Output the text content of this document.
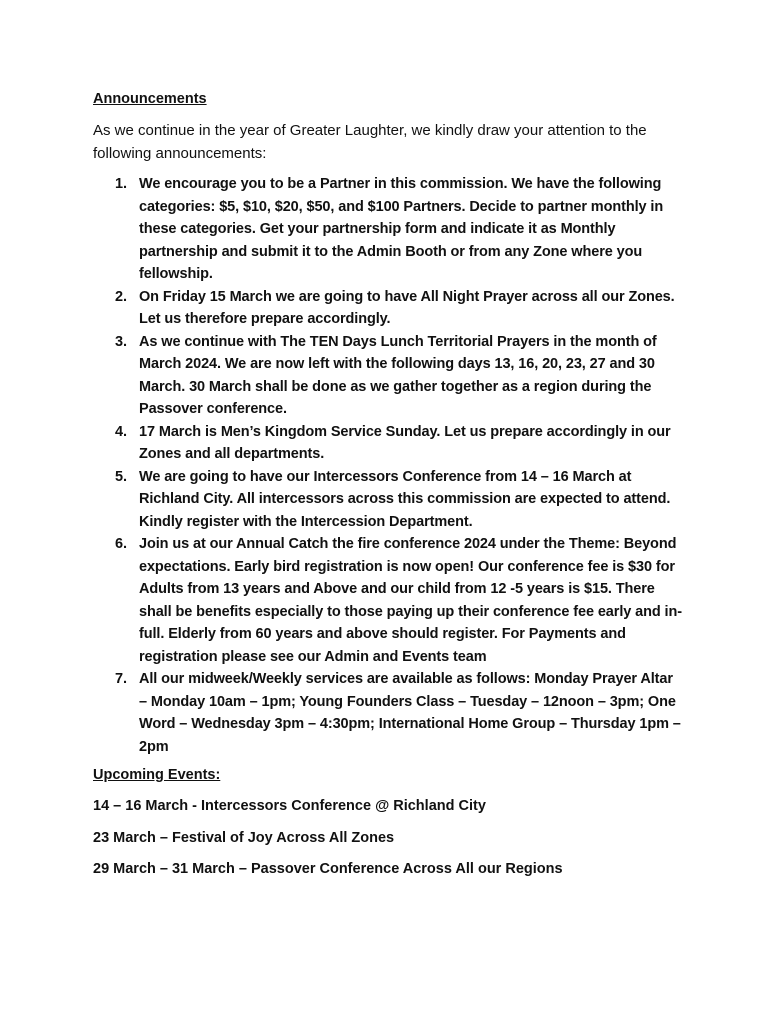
Announcements
As we continue in the year of Greater Laughter, we kindly draw your attention to the following announcements:
1. We encourage you to be a Partner in this commission. We have the following categories: $5, $10, $20, $50, and $100 Partners. Decide to partner monthly in these categories. Get your partnership form and indicate it as Monthly partnership and submit it to the Admin Booth or from any Zone where you fellowship.
2. On Friday 15 March we are going to have All Night Prayer across all our Zones. Let us therefore prepare accordingly.
3. As we continue with The TEN Days Lunch Territorial Prayers in the month of March 2024. We are now left with the following days 13, 16, 20, 23, 27 and 30 March. 30 March shall be done as we gather together as a region during the Passover conference.
4. 17 March is Men’s Kingdom Service Sunday. Let us prepare accordingly in our Zones and all departments.
5. We are going to have our Intercessors Conference from 14 – 16 March at Richland City. All intercessors across this commission are expected to attend. Kindly register with the Intercession Department.
6. Join us at our Annual Catch the fire conference 2024 under the Theme: Beyond expectations. Early bird registration is now open! Our conference fee is $30 for Adults from 13 years and Above and our child from 12 -5 years is $15. There shall be benefits especially to those paying up their conference fee early and in-full. Elderly from 60 years and above should register. For Payments and registration please see our Admin and Events team
7. All our midweek/Weekly services are available as follows: Monday Prayer Altar – Monday 10am – 1pm; Young Founders Class – Tuesday – 12noon – 3pm; One Word – Wednesday 3pm – 4:30pm; International Home Group – Thursday 1pm – 2pm
Upcoming Events:
14 – 16 March - Intercessors Conference @ Richland City
23 March – Festival of Joy Across All Zones
29 March – 31 March – Passover Conference Across All our Regions
